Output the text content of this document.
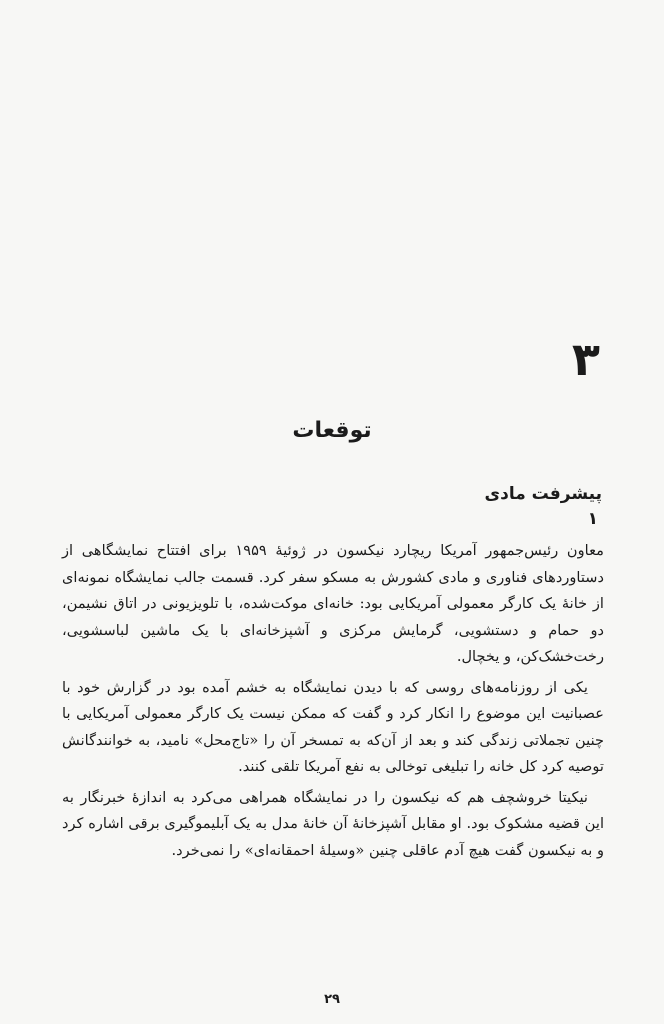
۳
توقعات
پیشرفت مادی
۱

معاون رئیس‌جمهور آمریکا ریچارد نیکسون در ژوئیهٔ ۱۹۵۹ برای افتتاح نمایشگاهی از دستاوردهای فناوری و مادی کشورش به مسکو سفر کرد. قسمت جالب نمایشگاه نمونه‌ای از خانهٔ یک کارگر معمولی آمریکایی بود: خانه‌ای موکت‌شده، با تلویزیونی در اتاق نشیمن، دو حمام و دستشویی، گرمایش مرکزی و آشپزخانه‌ای با یک ماشین لباسشویی، رخت‌خشک‌کن، و یخچال.

یکی از روزنامه‌های روسی که با دیدن نمایشگاه به خشم آمده بود در گزارش خود با عصبانیت این موضوع را انکار کرد و گفت که ممکن نیست یک کارگر معمولی آمریکایی با چنین تجملاتی زندگی کند و بعد از آن‌که به تمسخر آن را «تاج‌محل» نامید، به خوانندگانش توصیه کرد کل خانه را تبلیغی توخالی به نفع آمریکا تلقی کنند.

نیکیتا خروشچف هم که نیکسون را در نمایشگاه همراهی می‌کرد به اندازهٔ خبرنگار به این قضیه مشکوک بود. او مقابل آشپزخانهٔ آن خانهٔ مدل به یک آبلیموگیری برقی اشاره کرد و به نیکسون گفت هیچ آدم عاقلی چنین «وسیلهٔ احمقانه‌ای» را نمی‌خرد.

۲۹
